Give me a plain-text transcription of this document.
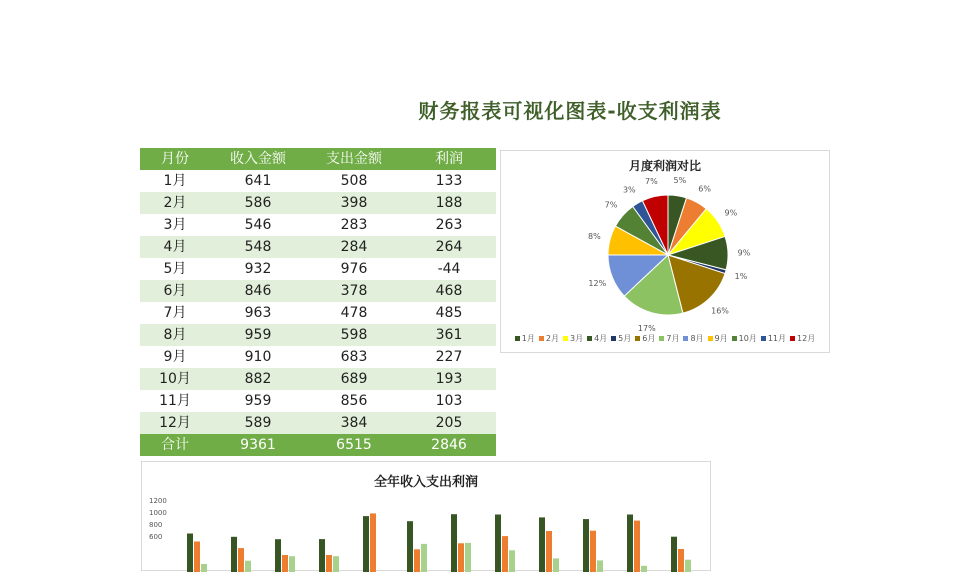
财务报表可视化图表-收支利润表
月份	收入金额	支出金额	利润
1月	641	508	133
2月	586	398	188
3月	546	283	263
4月	548	284	264
5月	932	976	-44
6月	846	378	468
7月	963	478	485
8月	959	598	361
9月	910	683	227
10月	882	689	193
11月	959	856	103
12月	589	384	205
合计	9361	6515	2846
月度利润对比
5%
6%
9%
9%
1%
16%
17%
12%
8%
7%
3%
7%
1月 2月 3月 4月 5月 6月 7月 8月 9月 10月 11月 12月
全年收入支出利润
1200
1000
800
600
